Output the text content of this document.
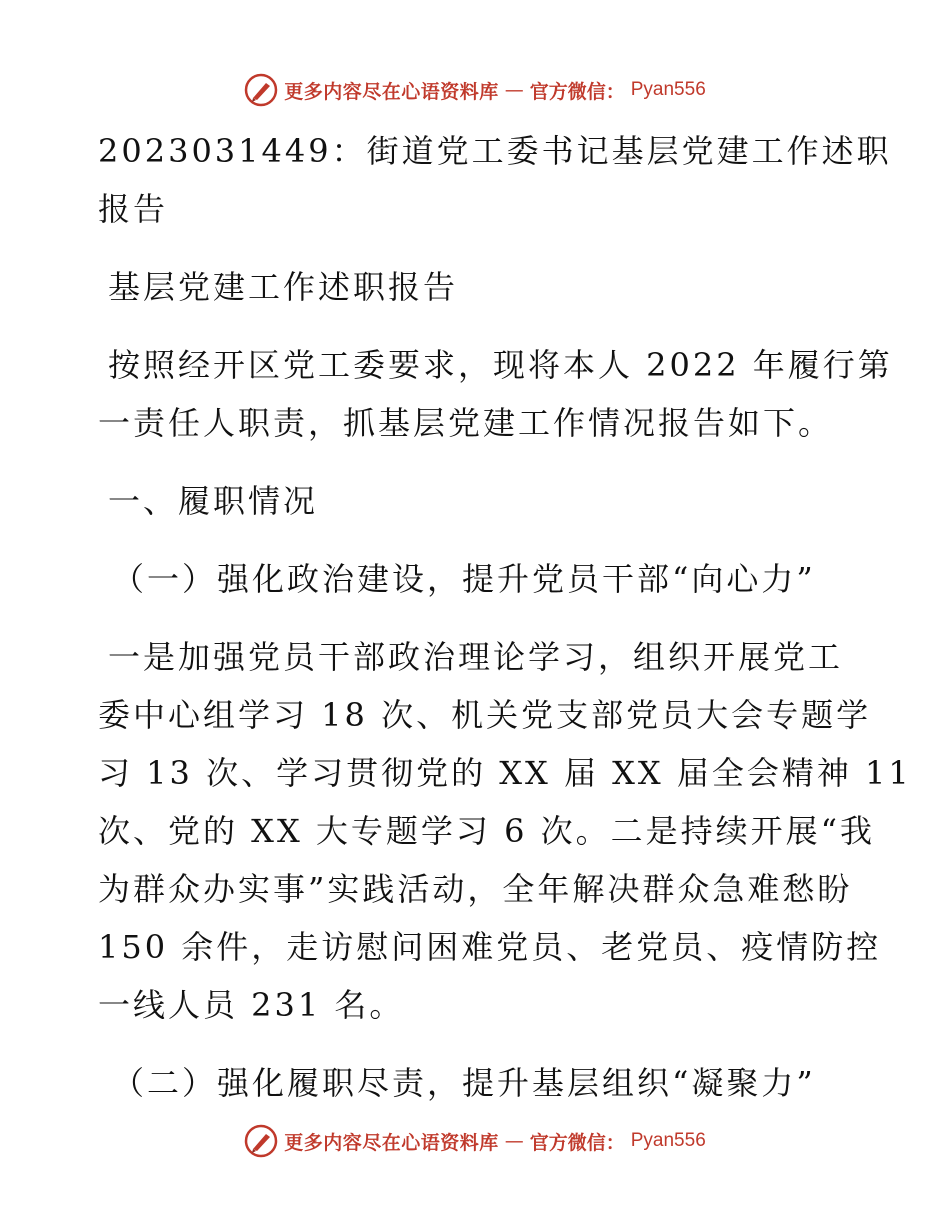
更多内容尽在心语资料库 — 官方微信： Pyan556
2023031449：街道党工委书记基层党建工作述职
报告
基层党建工作述职报告
按照经开区党工委要求，现将本人 2022 年履行第
一责任人职责，抓基层党建工作情况报告如下。
一、履职情况
（一）强化政治建设，提升党员干部“向心力”
一是加强党员干部政治理论学习，组织开展党工
委中心组学习 18 次、机关党支部党员大会专题学
习 13 次、学习贯彻党的 XX 届 XX 届全会精神 11
次、党的 XX 大专题学习 6 次。二是持续开展“我
为群众办实事”实践活动，全年解决群众急难愁盼
150 余件，走访慰问困难党员、老党员、疫情防控
一线人员 231 名。
（二）强化履职尽责，提升基层组织“凝聚力”
更多内容尽在心语资料库 — 官方微信： Pyan556
